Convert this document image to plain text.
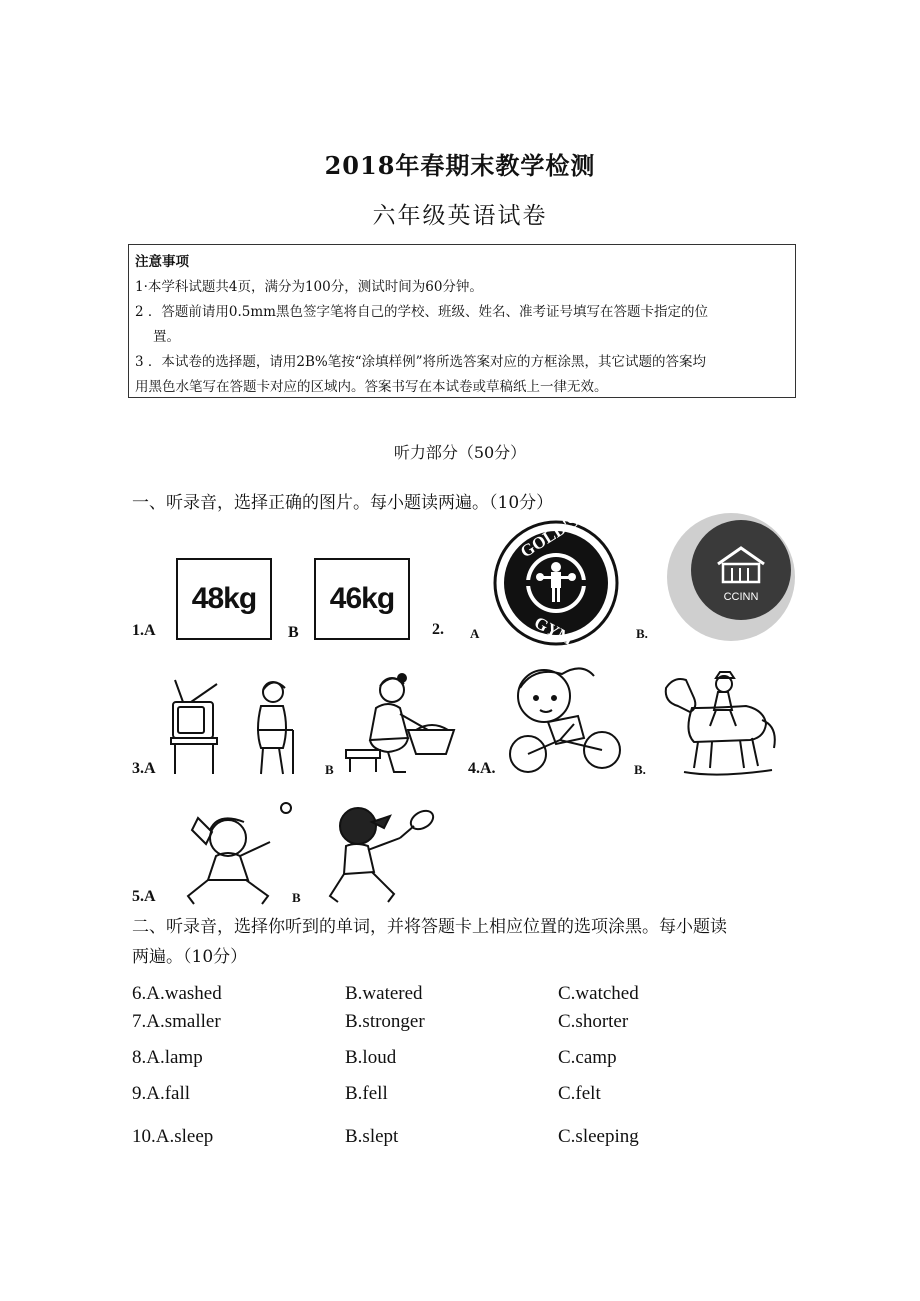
2018年春期末教学检测
六年级英语试卷
注意事项
1·本学科试题共4页，满分为100分，测试时间为60分钟。
2 ．答题前请用0.5mm黑色签字笔将自己的学校、班级、姓名、准考证号填写在答题卡指定的位
置。
3 ．本试卷的选择题，请用2B%笔按“涂填样例”将所选答案对应的方框涂黑，其它试题的答案均
用黑色水笔写在答题卡对应的区域内。答案书写在本试卷或草稿纸上一律无效。
听力部分（50分）
一、听录音，选择正确的图片。每小题读两遍。（10分）
1.A
48kg
B
46kg
2. A
GOLD'S
GYM	B.
CCINN
3.A	B	4.A.	B.
5.A	B
二、听录音，选择你听到的单词，并将答题卡上相应位置的选项涂黑。每小题读
两遍。（10分）
6.A.washed	B.watered	C.watched
7.A.smaller	B.stronger	C.shorter
8.A.lamp	B.loud	C.camp
9.A.fall	B.fell	C.felt
10.A.sleep	B.slept	C.sleeping
